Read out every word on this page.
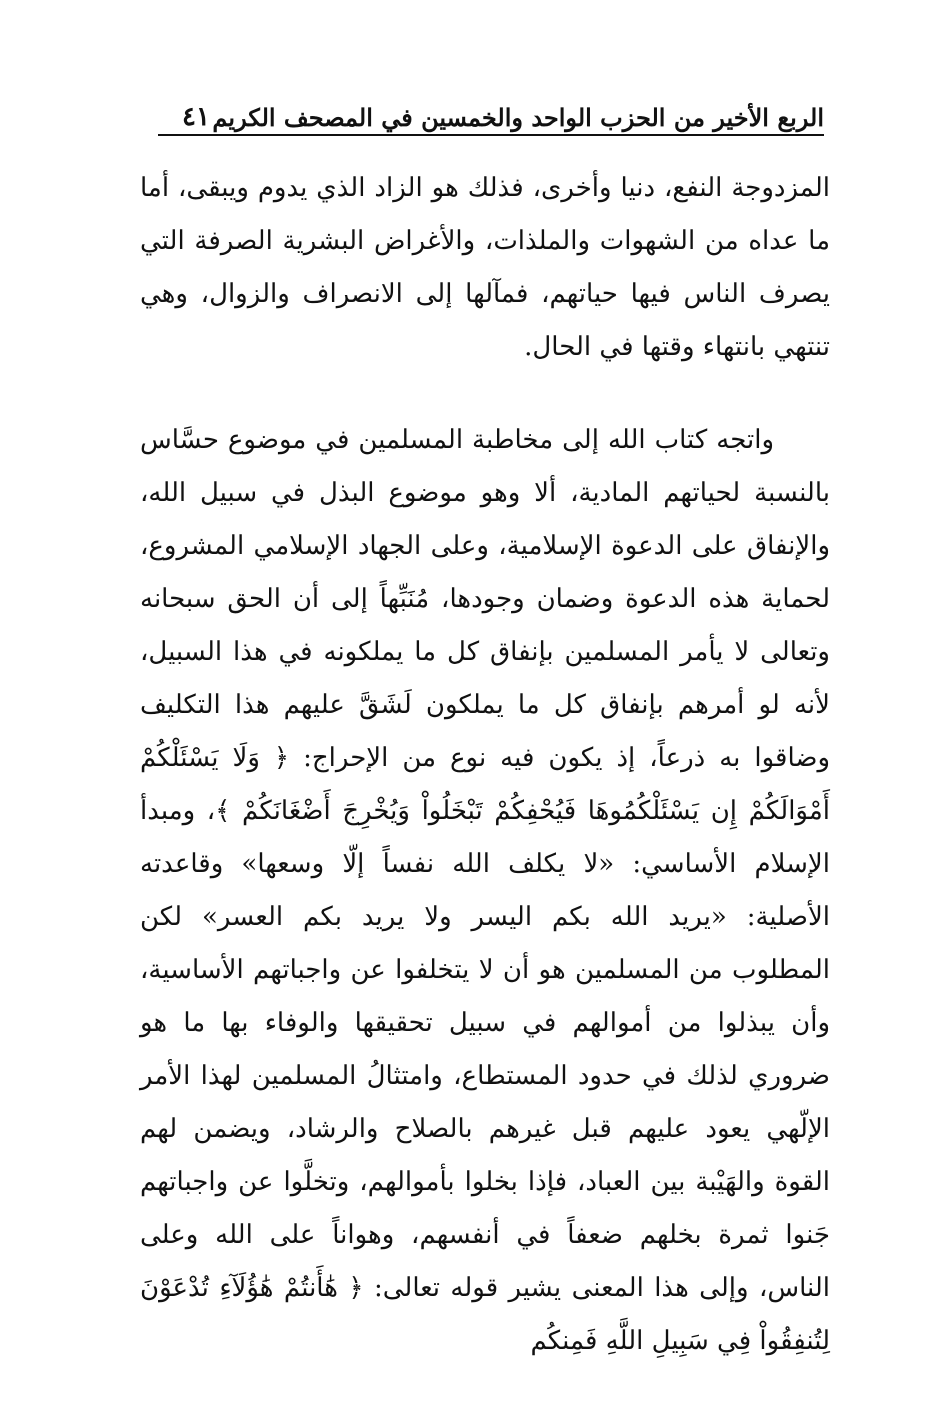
الربع الأخير من الحزب الواحد والخمسين في المصحف الكريم
٤١

المزدوجة النفع، دنيا وأخرى، فذلك هو الزاد الذي يدوم ويبقى، أما ما عداه من الشهوات والملذات، والأغراض البشرية الصرفة التي يصرف الناس فيها حياتهم، فمآلها إلى الانصراف والزوال، وهي تنتهي بانتهاء وقتها في الحال.

واتجه كتاب الله إلى مخاطبة المسلمين في موضوع حسَّاس بالنسبة لحياتهم المادية، ألا وهو موضوع البذل في سبيل الله، والإنفاق على الدعوة الإسلامية، وعلى الجهاد الإسلامي المشروع، لحماية هذه الدعوة وضمان وجودها، مُنَبِّهاً إلى أن الحق سبحانه وتعالى لا يأمر المسلمين بإنفاق كل ما يملكونه في هذا السبيل، لأنه لو أمرهم بإنفاق كل ما يملكون لَشَقَّ عليهم هذا التكليف وضاقوا به ذرعاً، إذ يكون فيه نوع من الإحراج: ﴿ وَلَا يَسْئَلْكُمْ أَمْوَالَكُمْ إِن يَسْئَلْكُمُوهَا فَيُحْفِكُمْ تَبْخَلُواْ وَيُخْرِجَ أَضْغَانَكُمْ ﴾، ومبدأ الإسلام الأساسي: «لا يكلف الله نفساً إلّا وسعها» وقاعدته الأصلية: «يريد الله بكم اليسر ولا يريد بكم العسر» لكن المطلوب من المسلمين هو أن لا يتخلفوا عن واجباتهم الأساسية، وأن يبذلوا من أموالهم في سبيل تحقيقها والوفاء بها ما هو ضروري لذلك في حدود المستطاع، وامتثالُ المسلمين لهذا الأمر الإلّهي يعود عليهم قبل غيرهم بالصلاح والرشاد، ويضمن لهم القوة والهَيْبة بين العباد، فإذا بخلوا بأموالهم، وتخلَّوا عن واجباتهم جَنوا ثمرة بخلهم ضعفاً في أنفسهم، وهواناً على الله وعلى الناس، وإلى هذا المعنى يشير قوله تعالى: ﴿ هَٰأَنتُمْ هَٰؤُلَآءِ تُدْعَوْنَ لِتُنفِقُواْ فِي سَبِيلِ اللَّهِ فَمِنكُم
